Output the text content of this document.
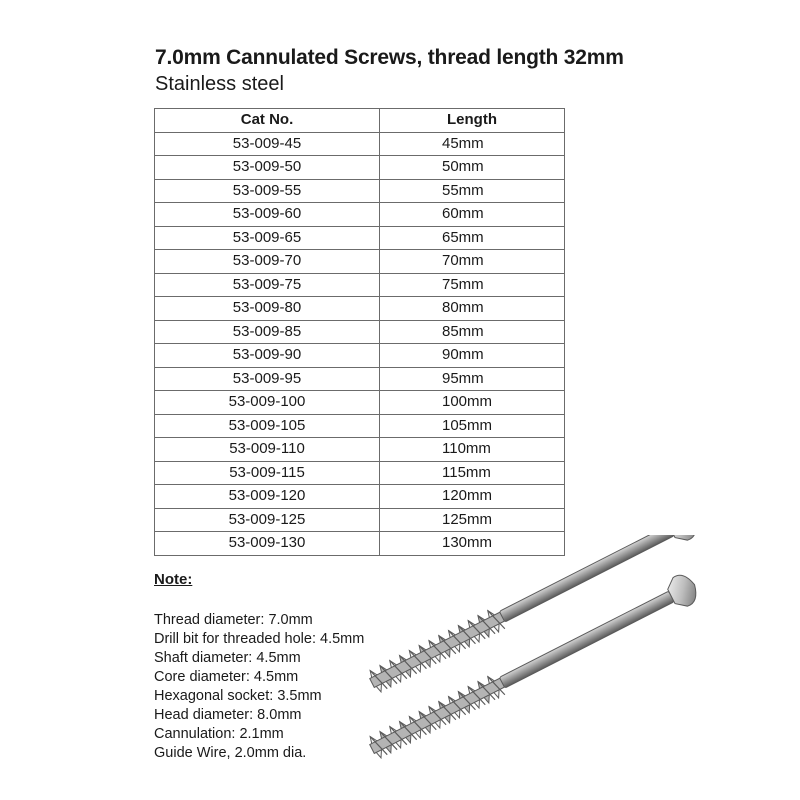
7.0mm Cannulated Screws, thread length 32mm
Stainless steel
Cat No.	Length
53-009-45	45mm
53-009-50	50mm
53-009-55	55mm
53-009-60	60mm
53-009-65	65mm
53-009-70	70mm
53-009-75	75mm
53-009-80	80mm
53-009-85	85mm
53-009-90	90mm
53-009-95	95mm
53-009-100	100mm
53-009-105	105mm
53-009-110	110mm
53-009-115	115mm
53-009-120	120mm
53-009-125	125mm
53-009-130	130mm
Note:
Thread diameter: 7.0mm
Drill bit for threaded hole: 4.5mm
Shaft diameter: 4.5mm
Core diameter: 4.5mm
Hexagonal socket: 3.5mm
Head diameter: 8.0mm
Cannulation: 2.1mm
Guide Wire, 2.0mm dia.
